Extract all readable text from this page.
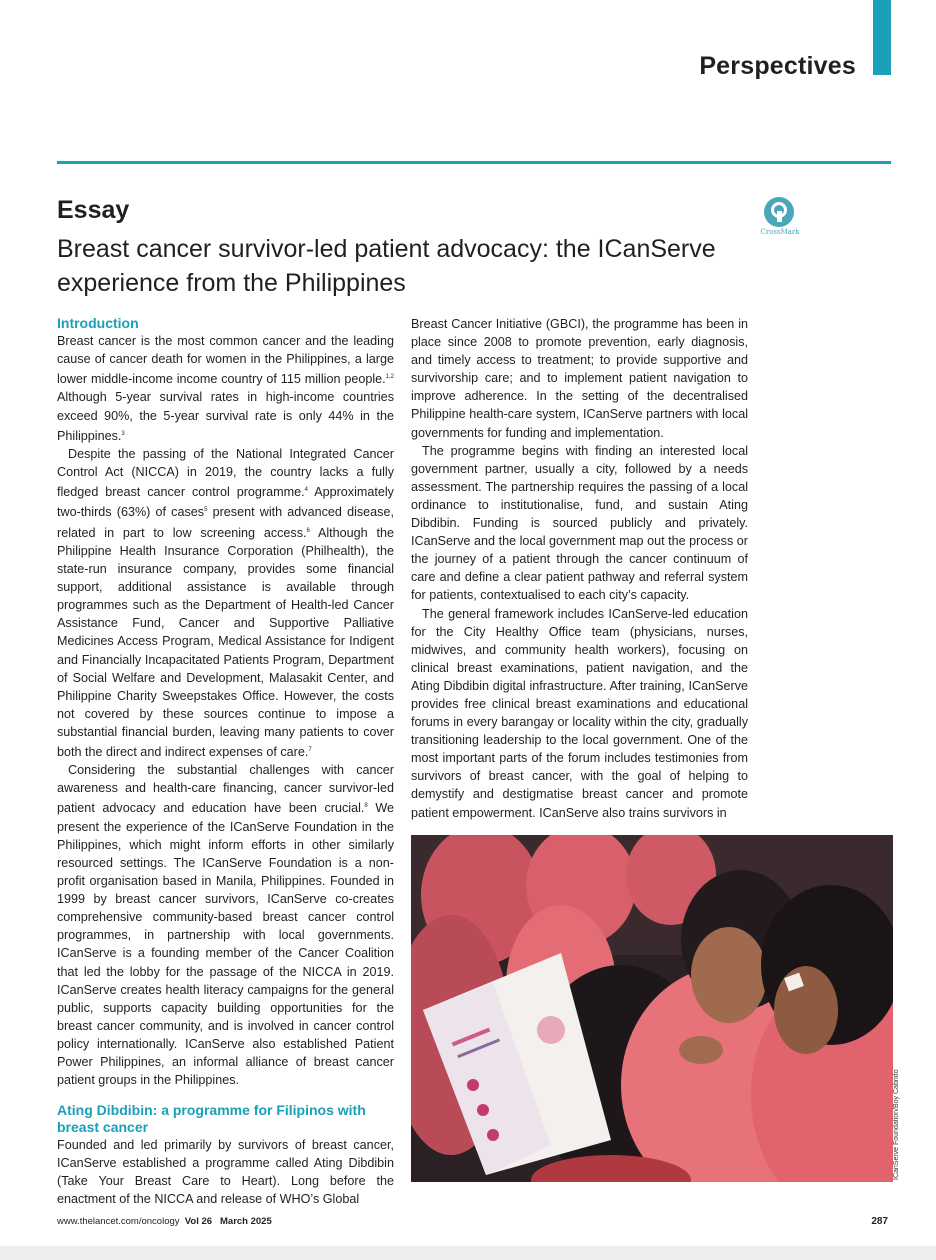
Perspectives
Essay
Breast cancer survivor-led patient advocacy: the ICanServe experience from the Philippines
CrossMark
Introduction

Breast cancer is the most common cancer and the leading cause of cancer death for women in the Philippines, a large lower middle-income income country of 115 million people.$^{1,2}$ Although 5-year survival rates in high-income countries exceed 90%, the 5-year survival rate is only 44% in the Philippines.$^3$

Despite the passing of the National Integrated Cancer Control Act (NICCA) in 2019, the country lacks a fully fledged breast cancer control programme.$^4$ Approximately two-thirds (63%) of cases$^5$ present with advanced disease, related in part to low screening access.$^6$ Although the Philippine Health Insurance Corporation (Philhealth), the state-run insurance company, provides some financial support, additional assistance is available through programmes such as the Department of Health-led Cancer Assistance Fund, Cancer and Supportive Palliative Medicines Access Program, Medical Assistance for Indigent and Financially Incapacitated Patients Program, Department of Social Welfare and Development, Malasakit Center, and Philippine Charity Sweepstakes Office. However, the costs not covered by these sources continue to impose a substantial financial burden, leaving many patients to cover both the direct and indirect expenses of care.$^7$

Considering the substantial challenges with cancer awareness and health-care financing, cancer survivor-led patient advocacy and education have been crucial.$^8$ We present the experience of the ICanServe Foundation in the Philippines, which might inform efforts in other similarly resourced settings. The ICanServe Foundation is a non-profit organisation based in Manila, Philippines. Founded in 1999 by breast cancer survivors, ICanServe co-creates comprehensive community-based breast cancer control programmes, in partnership with local governments. ICanServe is a founding member of the Cancer Coalition that led the lobby for the passage of the NICCA in 2019. ICanServe creates health literacy campaigns for the general public, supports capacity building opportunities for the breast cancer community, and is involved in cancer control policy internationally. ICanServe also established Patient Power Philippines, an informal alliance of breast cancer patient groups in the Philippines.

Ating Dibdibin: a programme for Filipinos with breast cancer

Founded and led primarily by survivors of breast cancer, ICanServe established a programme called Ating Dibdibin (Take Your Breast Care to Heart). Long before the enactment of the NICCA and release of WHO’s Global

Breast Cancer Initiative (GBCI), the programme has been in place since 2008 to promote prevention, early diagnosis, and timely access to treatment; to provide supportive and survivorship care; and to implement patient navigation to improve adherence. In the setting of the decentralised Philippine health-care system, ICanServe partners with local governments for funding and implementation.

The programme begins with finding an interested local government partner, usually a city, followed by a needs assessment. The partnership requires the passing of a local ordinance to institutionalise, fund, and sustain Ating Dibdibin. Funding is sourced publicly and privately. ICanServe and the local government map out the process or the journey of a patient through the cancer continuum of care and define a clear patient pathway and referral system for patients, contextualised to each city’s capacity.

The general framework includes ICanServe-led education for the City Healthy Office team (physicians, nurses, midwives, and community health workers), focusing on clinical breast examinations, patient navigation, and the Ating Dibdibin digital infrastructure. After training, ICanServe provides free clinical breast examinations and educational forums in every barangay or locality within the city, gradually transitioning leadership to the local government. One of the most important parts of the forum includes testimonies from survivors of breast cancer, with the goal of helping to demystify and destigmatise breast cancer and promote patient empowerment. ICanServe also trains survivors in

ICanServe Foundation/Boy Cabrido
www.thelancet.com/oncology Vol 26 March 2025	287
